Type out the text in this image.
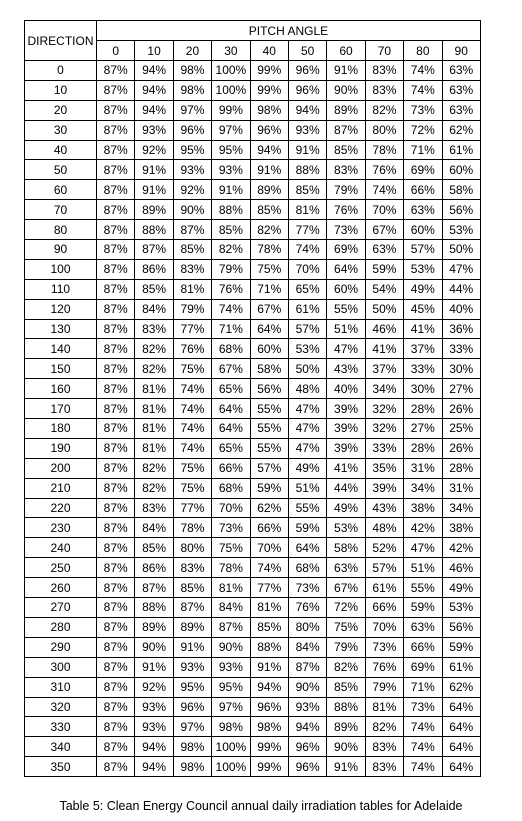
DIRECTION	PITCH ANGLE									
	0	10	20	30	40	50	60	70	80	90
0	87%	94%	98%	100%	99%	96%	91%	83%	74%	63%
10	87%	94%	98%	100%	99%	96%	90%	83%	74%	63%
20	87%	94%	97%	99%	98%	94%	89%	82%	73%	63%
30	87%	93%	96%	97%	96%	93%	87%	80%	72%	62%
40	87%	92%	95%	95%	94%	91%	85%	78%	71%	61%
50	87%	91%	93%	93%	91%	88%	83%	76%	69%	60%
60	87%	91%	92%	91%	89%	85%	79%	74%	66%	58%
70	87%	89%	90%	88%	85%	81%	76%	70%	63%	56%
80	87%	88%	87%	85%	82%	77%	73%	67%	60%	53%
90	87%	87%	85%	82%	78%	74%	69%	63%	57%	50%
100	87%	86%	83%	79%	75%	70%	64%	59%	53%	47%
110	87%	85%	81%	76%	71%	65%	60%	54%	49%	44%
120	87%	84%	79%	74%	67%	61%	55%	50%	45%	40%
130	87%	83%	77%	71%	64%	57%	51%	46%	41%	36%
140	87%	82%	76%	68%	60%	53%	47%	41%	37%	33%
150	87%	82%	75%	67%	58%	50%	43%	37%	33%	30%
160	87%	81%	74%	65%	56%	48%	40%	34%	30%	27%
170	87%	81%	74%	64%	55%	47%	39%	32%	28%	26%
180	87%	81%	74%	64%	55%	47%	39%	32%	27%	25%
190	87%	81%	74%	65%	55%	47%	39%	33%	28%	26%
200	87%	82%	75%	66%	57%	49%	41%	35%	31%	28%
210	87%	82%	75%	68%	59%	51%	44%	39%	34%	31%
220	87%	83%	77%	70%	62%	55%	49%	43%	38%	34%
230	87%	84%	78%	73%	66%	59%	53%	48%	42%	38%
240	87%	85%	80%	75%	70%	64%	58%	52%	47%	42%
250	87%	86%	83%	78%	74%	68%	63%	57%	51%	46%
260	87%	87%	85%	81%	77%	73%	67%	61%	55%	49%
270	87%	88%	87%	84%	81%	76%	72%	66%	59%	53%
280	87%	89%	89%	87%	85%	80%	75%	70%	63%	56%
290	87%	90%	91%	90%	88%	84%	79%	73%	66%	59%
300	87%	91%	93%	93%	91%	87%	82%	76%	69%	61%
310	87%	92%	95%	95%	94%	90%	85%	79%	71%	62%
320	87%	93%	96%	97%	96%	93%	88%	81%	73%	64%
330	87%	93%	97%	98%	98%	94%	89%	82%	74%	64%
340	87%	94%	98%	100%	99%	96%	90%	83%	74%	64%
350	87%	94%	98%	100%	99%	96%	91%	83%	74%	64%
Table 5: Clean Energy Council annual daily irradiation tables for Adelaide
